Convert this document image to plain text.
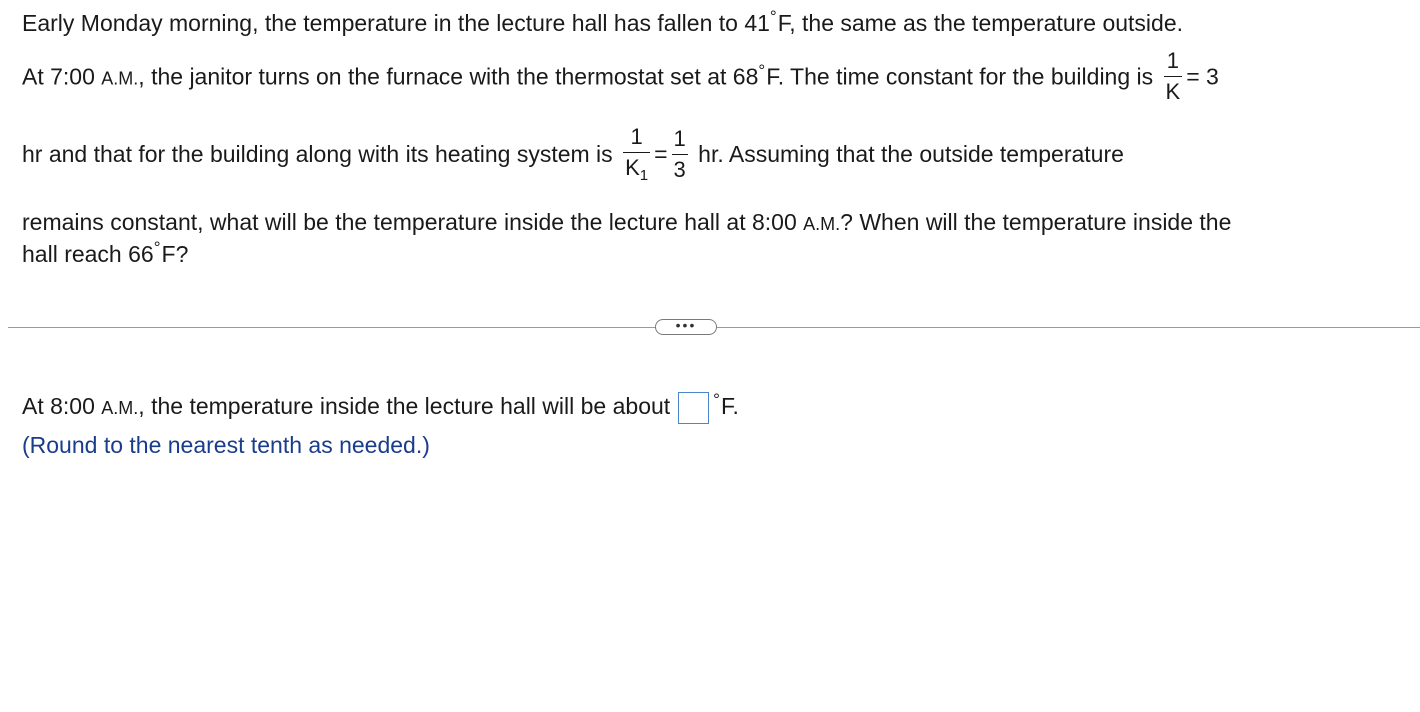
Early Monday morning, the temperature in the lecture hall has fallen to 41°F, the same as the temperature outside.
At 7:00 A.M., the janitor turns on the furnace with the thermostat set at 68°F. The time constant for the building is $\frac{1}{K} = 3$
hr and that for the building along with its heating system is $\frac{1}{K_1} = \frac{1}{3}$ hr. Assuming that the outside temperature
remains constant, what will be the temperature inside the lecture hall at 8:00 A.M.? When will the temperature inside the
hall reach 66°F?
•••
At 8:00 A.M., the temperature inside the lecture hall will be about	°F.
(Round to the nearest tenth as needed.)
